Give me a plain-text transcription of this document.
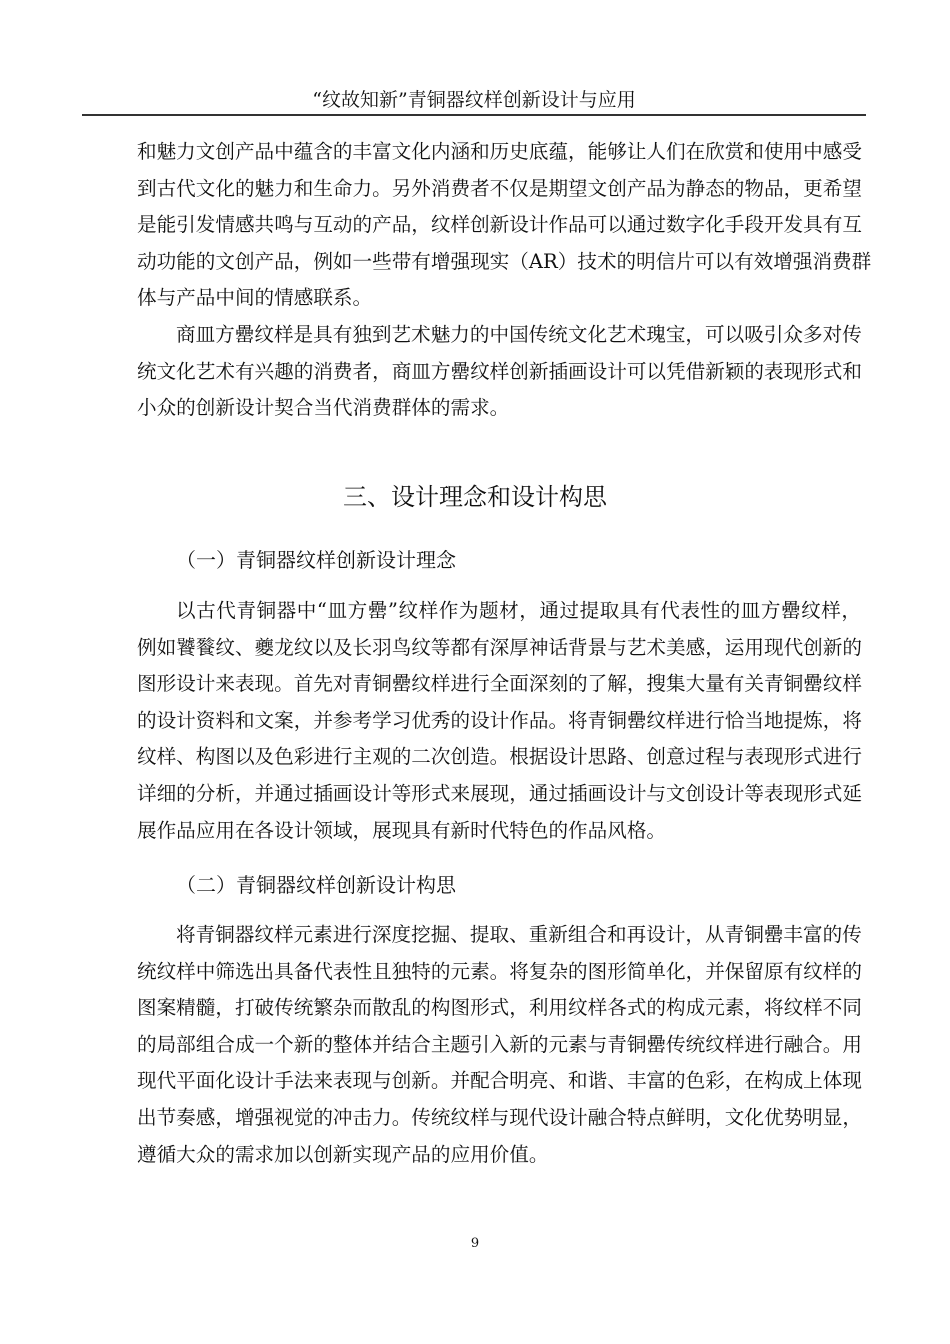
“纹故知新”青铜器纹样创新设计与应用
和魅力文创产品中蕴含的丰富文化内涵和历史底蕴，能够让人们在欣赏和使用中感受
到古代文化的魅力和生命力。另外消费者不仅是期望文创产品为静态的物品，更希望
是能引发情感共鸣与互动的产品，纹样创新设计作品可以通过数字化手段开发具有互
动功能的文创产品，例如一些带有增强现实（AR）技术的明信片可以有效增强消费群
体与产品中间的情感联系。
商皿方罍纹样是具有独到艺术魅力的中国传统文化艺术瑰宝，可以吸引众多对传
统文化艺术有兴趣的消费者，商皿方罍纹样创新插画设计可以凭借新颖的表现形式和
小众的创新设计契合当代消费群体的需求。
三、设计理念和设计构思
（一）青铜器纹样创新设计理念
以古代青铜器中“皿方罍”纹样作为题材，通过提取具有代表性的皿方罍纹样，
例如饕餮纹、夔龙纹以及长羽鸟纹等都有深厚神话背景与艺术美感，运用现代创新的
图形设计来表现。首先对青铜罍纹样进行全面深刻的了解，搜集大量有关青铜罍纹样
的设计资料和文案，并参考学习优秀的设计作品。将青铜罍纹样进行恰当地提炼，将
纹样、构图以及色彩进行主观的二次创造。根据设计思路、创意过程与表现形式进行
详细的分析，并通过插画设计等形式来展现，通过插画设计与文创设计等表现形式延
展作品应用在各设计领域，展现具有新时代特色的作品风格。
（二）青铜器纹样创新设计构思
将青铜器纹样元素进行深度挖掘、提取、重新组合和再设计，从青铜罍丰富的传
统纹样中筛选出具备代表性且独特的元素。将复杂的图形简单化，并保留原有纹样的
图案精髓，打破传统繁杂而散乱的构图形式，利用纹样各式的构成元素，将纹样不同
的局部组合成一个新的整体并结合主题引入新的元素与青铜罍传统纹样进行融合。用
现代平面化设计手法来表现与创新。并配合明亮、和谐、丰富的色彩，在构成上体现
出节奏感，增强视觉的冲击力。传统纹样与现代设计融合特点鲜明，文化优势明显，
遵循大众的需求加以创新实现产品的应用价值。
9
